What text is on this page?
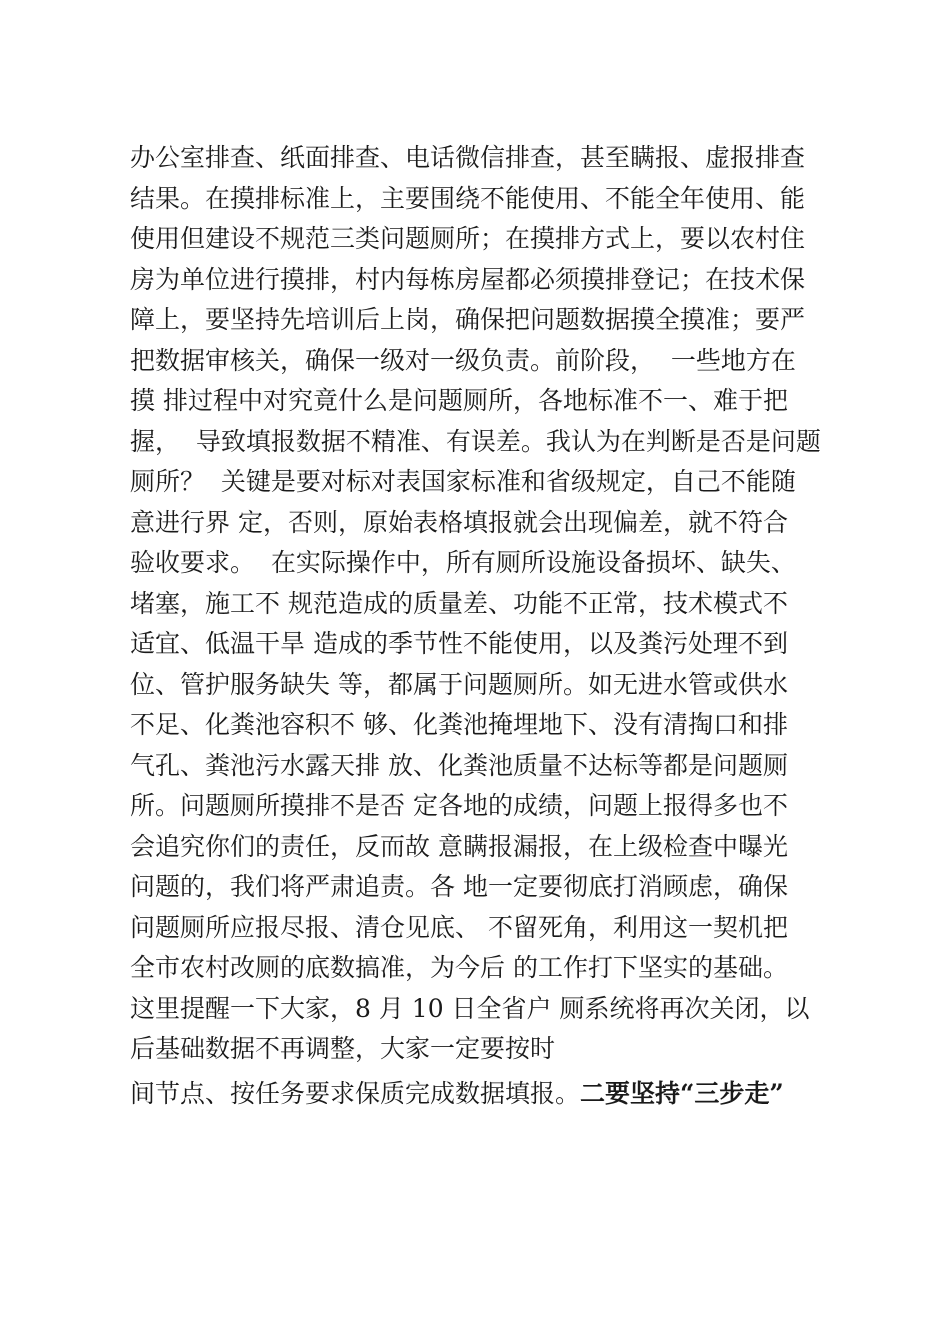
办公室排查、纸面排查、电话微信排查，甚至瞒报、虚报排查
结果。在摸排标准上，主要围绕不能使用、不能全年使用、能
使用但建设不规范三类问题厕所；在摸排方式上，要以农村住
房为单位进行摸排，村内每栋房屋都必须摸排登记；在技术保
障上，要坚持先培训后上岗，确保把问题数据摸全摸准；要严
把数据审核关，确保一级对一级负责。前阶段，  一些地方在
摸 排过程中对究竟什么是问题厕所，各地标准不一、难于把
握，  导致填报数据不精准、有误差。我认为在判断是否是问题
厕所？  关键是要对标对表国家标准和省级规定，自己不能随
意进行界 定，否则，原始表格填报就会出现偏差，就不符合
验收要求。  在实际操作中，所有厕所设施设备损坏、缺失、
堵塞，施工不 规范造成的质量差、功能不正常，技术模式不
适宜、低温干旱 造成的季节性不能使用，以及粪污处理不到
位、管护服务缺失 等，都属于问题厕所。如无进水管或供水
不足、化粪池容积不 够、化粪池掩埋地下、没有清掏口和排
气孔、粪池污水露天排 放、化粪池质量不达标等都是问题厕
所。问题厕所摸排不是否 定各地的成绩，问题上报得多也不
会追究你们的责任，反而故 意瞒报漏报，在上级检查中曝光
问题的，我们将严肃追责。各 地一定要彻底打消顾虑，确保
问题厕所应报尽报、清仓见底、 不留死角，利用这一契机把
全市农村改厕的底数搞准，为今后 的工作打下坚实的基础。
这里提醒一下大家，8 月 10 日全省户 厕系统将再次关闭，以
后基础数据不再调整，大家一定要按时
间节点、按任务要求保质完成数据填报。二要坚持“三步走”
